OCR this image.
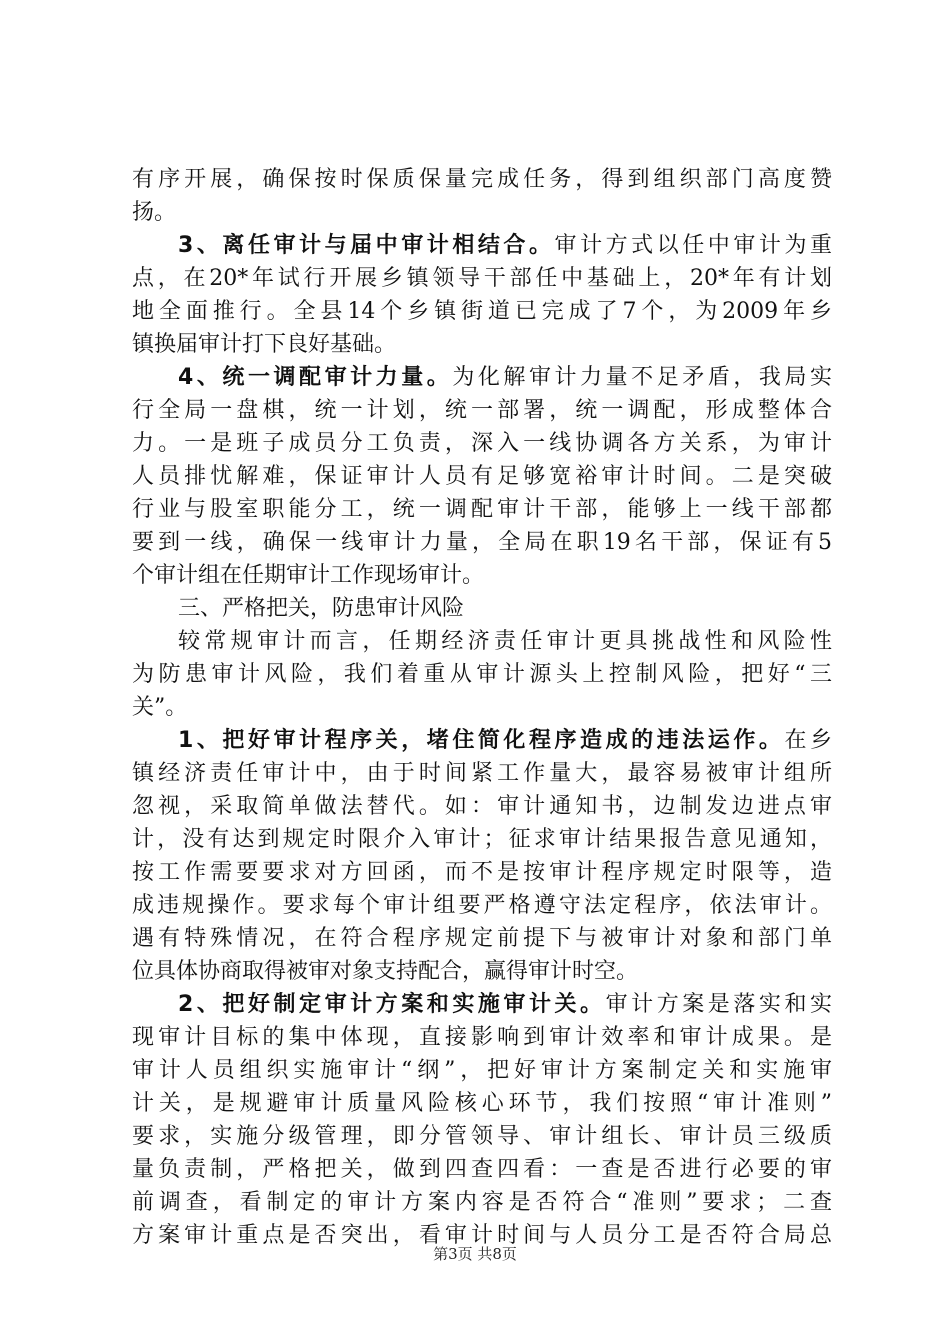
有序开展，确保按时保质保量完成任务，得到组织部门高度赞
扬。
3、离任审计与届中审计相结合。审计方式以任中审计为重
点，在20*年试行开展乡镇领导干部任中基础上，20*年有计划
地全面推行。全县14个乡镇街道已完成了7个，为2009年乡
镇换届审计打下良好基础。
4、统一调配审计力量。为化解审计力量不足矛盾，我局实
行全局一盘棋，统一计划，统一部署，统一调配，形成整体合
力。一是班子成员分工负责，深入一线协调各方关系，为审计
人员排忧解难，保证审计人员有足够宽裕审计时间。二是突破
行业与股室职能分工，统一调配审计干部，能够上一线干部都
要到一线，确保一线审计力量，全局在职19名干部，保证有5
个审计组在任期审计工作现场审计。
三、严格把关，防患审计风险
较常规审计而言，任期经济责任审计更具挑战性和风险性
为防患审计风险，我们着重从审计源头上控制风险，把好“三
关”。
1、把好审计程序关，堵住简化程序造成的违法运作。在乡
镇经济责任审计中，由于时间紧工作量大，最容易被审计组所
忽视，采取简单做法替代。如：审计通知书，边制发边进点审
计，没有达到规定时限介入审计；征求审计结果报告意见通知，
按工作需要要求对方回函，而不是按审计程序规定时限等，造
成违规操作。要求每个审计组要严格遵守法定程序，依法审计。
遇有特殊情况，在符合程序规定前提下与被审计对象和部门单
位具体协商取得被审对象支持配合，赢得审计时空。
2、把好制定审计方案和实施审计关。审计方案是落实和实
现审计目标的集中体现，直接影响到审计效率和审计成果。是
审计人员组织实施审计“纲”，把好审计方案制定关和实施审
计关，是规避审计质量风险核心环节，我们按照“审计准则”
要求，实施分级管理，即分管领导、审计组长、审计员三级质
量负责制，严格把关，做到四查四看：一查是否进行必要的审
前调查，看制定的审计方案内容是否符合“准则”要求；二查
方案审计重点是否突出，看审计时间与人员分工是否符合局总
第3页 共8页
